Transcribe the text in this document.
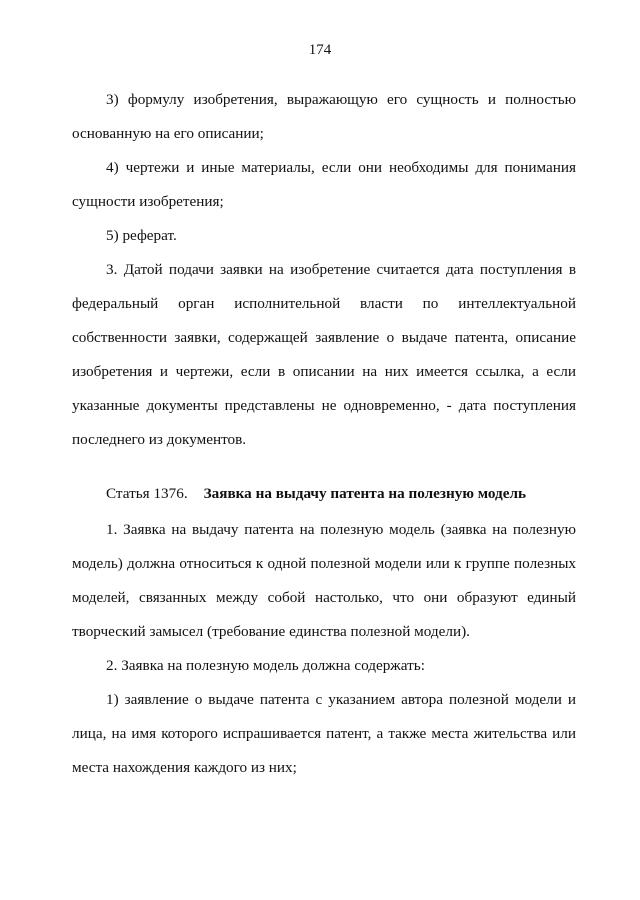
174
3) формулу изобретения, выражающую его сущность и полностью
основанную на его описании;
4) чертежи и иные материалы, если они необходимы для понимания
сущности изобретения;
5) реферат.
3. Датой подачи заявки на изобретение считается дата поступления в
федеральный орган исполнительной власти по интеллектуальной
собственности заявки, содержащей заявление о выдаче патента, описание
изобретения и чертежи, если в описании на них имеется ссылка, а если
указанные документы представлены не одновременно, - дата поступления
последнего из документов.
Статья 1376. Заявка на выдачу патента на полезную модель
1. Заявка на выдачу патента на полезную модель (заявка на полезную
модель) должна относиться к одной полезной модели или к группе полезных
моделей, связанных между собой настолько, что они образуют единый
творческий замысел (требование единства полезной модели).
2. Заявка на полезную модель должна содержать:
1) заявление о выдаче патента с указанием автора полезной модели и
лица, на имя которого испрашивается патент, а также места жительства или
места нахождения каждого из них;
